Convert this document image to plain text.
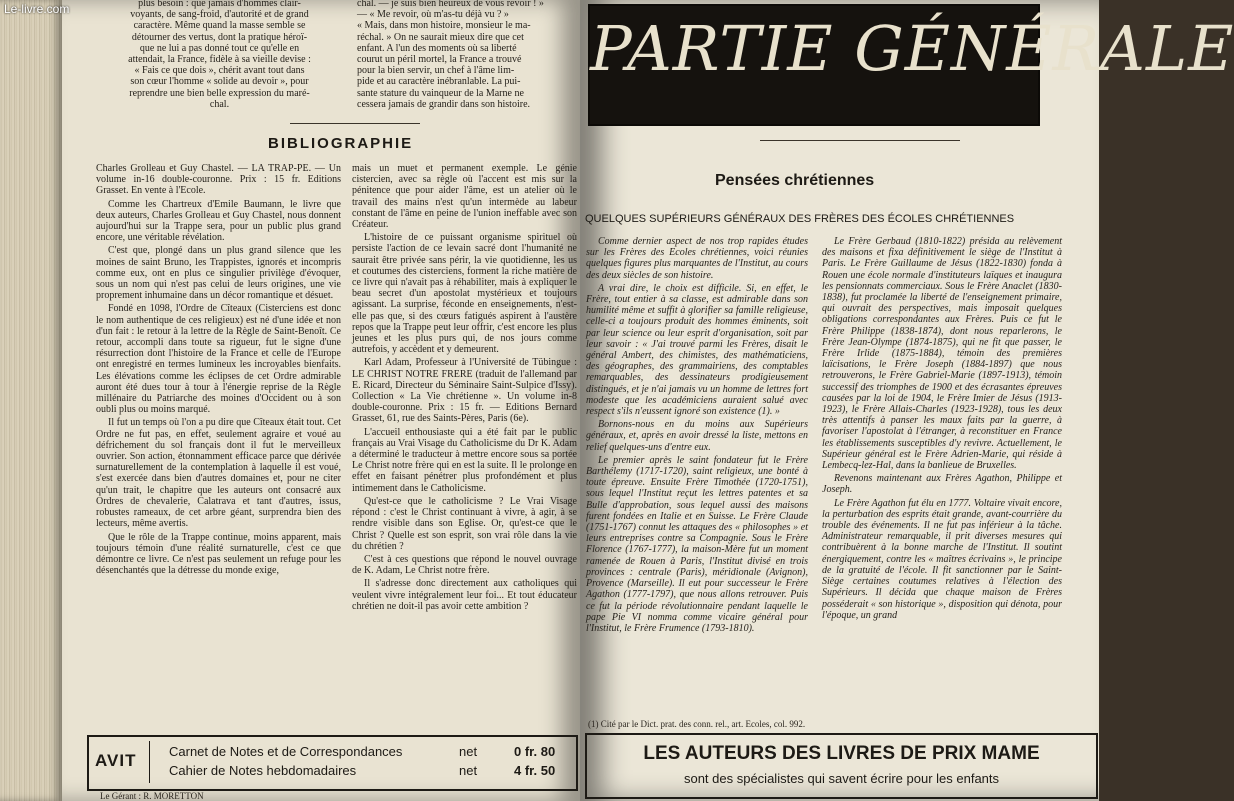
Le-livre.com	plus besoin : que jamais d'hommes clair-
voyants, de sang-froid, d'autorité et de grand
caractère. Même quand la masse semble se
détourner des vertus, dont la pratique héroï-
que ne lui a pas donné tout ce qu'elle en
attendait, la France, fidèle à sa vieille devise :
« Fais ce que dois », chérit avant tout dans
son cœur l'homme « solide au devoir », pour
reprendre une bien belle expression du maré-
chal.
chal. — je suis bien heureux de vous revoir ! »
— « Me revoir, où m'as-tu déjà vu ? »
« Mais, dans mon histoire, monsieur le ma-
réchal. » On ne saurait mieux dire que cet
enfant. A l'un des moments où sa liberté
courut un péril mortel, la France a trouvé
pour la bien servir, un chef à l'âme lim-
pide et au caractère inébranlable. La pui-
sante stature du vainqueur de la Marne ne
cessera jamais de grandir dans son histoire.
BIBLIOGRAPHIE

Charles Grolleau et Guy Chastel. — LA TRAP-PE. — Un volume in-16 double-couronne. Prix : 15 fr. Editions Grasset. En vente à l'Ecole.

Comme les Chartreux d'Emile Baumann, le livre que deux auteurs, Charles Grolleau et Guy Chastel, nous donnent aujourd'hui sur la Trappe sera, pour un public plus grand encore, une véritable révélation.

C'est que, plongé dans un plus grand silence que les moines de saint Bruno, les Trappistes, ignorés et incompris comme eux, ont en plus ce singulier privilège d'évoquer, sous un nom qui n'est pas celui de leurs origines, une vie proprement inhumaine dans un décor romantique et désuet.

Fondé en 1098, l'Ordre de Cîteaux (Cisterciens est donc le nom authentique de ces religieux) est né d'une idée et non d'un fait : le retour à la lettre de la Règle de Saint-Benoît. Ce retour, accompli dans toute sa rigueur, fut le signe d'une résurrection dont l'histoire de la France et celle de l'Europe ont enregistré en termes lumineux les incroyables bienfaits. Les élévations comme les éclipses de cet Ordre admirable auront été dues tour à tour à l'énergie reprise de la Règle millénaire du Patriarche des moines d'Occident ou à son oubli plus ou moins marqué.

Il fut un temps où l'on a pu dire que Cîteaux était tout. Cet Ordre ne fut pas, en effet, seulement agraire et voué au défrichement du sol français dont il fut le merveilleux ouvrier. Son action, étonnamment efficace parce que dérivée surnaturellement de la contemplation à laquelle il est voué, s'est exercée dans bien d'autres domaines et, pour ne citer qu'un trait, le chapitre que les auteurs ont consacré aux Ordres de chevalerie, Calatrava et tant d'autres, issus, robustes rameaux, de cet arbre géant, surprendra bien des lecteurs, même avertis.

Que le rôle de la Trappe continue, moins apparent, mais toujours témoin d'une réalité surnaturelle, c'est ce que démontre ce livre. Ce n'est pas seulement un refuge pour les désenchantés que la détresse du monde exige,

mais un muet et permanent exemple. Le génie cistercien, avec sa règle où l'accent est mis sur la pénitence que pour aider l'âme, est un atelier où le travail des mains n'est qu'un intermède au labeur constant de l'âme en peine de l'union ineffable avec son Créateur.

L'histoire de ce puissant organisme spirituel où persiste l'action de ce levain sacré dont l'humanité ne saurait être privée sans périr, la vie quotidienne, les us et coutumes des cisterciens, forment la riche matière de ce livre qui n'avait pas à réhabiliter, mais à expliquer le beau secret d'un apostolat mystérieux et toujours agissant. La surprise, féconde en enseignements, n'est-elle pas que, si des cœurs fatigués aspirent à l'austère repos que la Trappe peut leur offrir, c'est encore les plus jeunes et les plus purs qui, de nos jours comme autrefois, y accèdent et y demeurent.

Karl Adam, Professeur à l'Université de Tübingue : LE CHRIST NOTRE FRERE (traduit de l'allemand par E. Ricard, Directeur du Séminaire Saint-Sulpice d'Issy). Collection « La Vie chrétienne ». Un volume in-8 double-couronne. Prix : 15 fr. — Editions Bernard Grasset, 61, rue des Saints-Pères, Paris (6e).

L'accueil enthousiaste qui a été fait par le public français au Vrai Visage du Catholicisme du Dr K. Adam a déterminé le traducteur à mettre encore sous sa portée Le Christ notre frère qui en est la suite. Il le prolonge en effet en faisant pénétrer plus profondément et plus intimement dans le Catholicisme.

Qu'est-ce que le catholicisme ? Le Vrai Visage répond : c'est le Christ continuant à vivre, à agir, à se rendre visible dans son Eglise. Or, qu'est-ce que le Christ ? Quelle est son esprit, son vrai rôle dans la vie du chrétien ?

C'est à ces questions que répond le nouvel ouvrage de K. Adam, Le Christ notre frère.

Il s'adresse donc directement aux catholiques qui veulent vivre intégralement leur foi... Et tout éducateur chrétien ne doit-il pas avoir cette ambition ?

AVIT	Carnet de Notes et de Correspondances
Cahier de Notes hebdomadaires
net
net
0 fr. 80
4 fr. 50
Le Gérant : R. MORETTON
PARTIE GÉNÉRALE
Pensées chrétiennes
QUELQUES SUPÉRIEURS GÉNÉRAUX DES FRÈRES DES ÉCOLES CHRÉTIENNES

Comme dernier aspect de nos trop rapides études sur les Frères des Ecoles chrétiennes, voici réunies quelques figures plus marquantes de l'Institut, au cours des deux siècles de son histoire.

A vrai dire, le choix est difficile. Si, en effet, le Frère, tout entier à sa classe, est admirable dans son humilité même et suffit à glorifier sa famille religieuse, celle-ci a toujours produit des hommes éminents, soit par leur science ou leur esprit d'organisation, soit par leur savoir : « J'ai trouvé parmi les Frères, disait le général Ambert, des chimistes, des mathématiciens, des géographes, des grammairiens, des comptables remarquables, des dessinateurs prodigieusement distingués, et je n'ai jamais vu un homme de lettres fort modeste que les académiciens auraient salué avec respect s'ils n'eussent ignoré son existence (1). »

Bornons-nous en du moins aux Supérieurs généraux, et, après en avoir dressé la liste, mettons en relief quelques-uns d'entre eux.

Le premier après le saint fondateur fut le Frère Barthélemy (1717-1720), saint religieux, une bonté à toute épreuve. Ensuite Frère Timothée (1720-1751), sous lequel l'Institut reçut les lettres patentes et sa Bulle d'approbation, sous lequel aussi des maisons furent fondées en Italie et en Suisse. Le Frère Claude (1751-1767) connut les attaques des « philosophes » et leurs entreprises contre sa Compagnie. Sous le Frère Florence (1767-1777), la maison-Mère fut un moment ramenée de Rouen à Paris, l'Institut divisé en trois provinces : centrale (Paris), méridionale (Avignon), Provence (Marseille). Il eut pour successeur le Frère Agathon (1777-1797), que nous allons retrouver. Puis ce fut la période révolutionnaire pendant laquelle le pape Pie VI nomma comme vicaire général pour l'Institut, le Frère Frumence (1793-1810).

Le Frère Gerbaud (1810-1822) présida au relèvement des maisons et fixa définitivement le siège de l'Institut à Paris. Le Frère Guillaume de Jésus (1822-1830) fonda à Rouen une école normale d'instituteurs laïques et inaugura les pensionnats commerciaux. Sous le Frère Anaclet (1830-1838), fut proclamée la liberté de l'enseignement primaire, qui ouvrait des perspectives, mais imposait quelques obligations correspondantes aux Frères. Puis ce fut le Frère Philippe (1838-1874), dont nous reparlerons, le Frère Jean-Olympe (1874-1875), qui ne fit que passer, le Frère Irlide (1875-1884), témoin des premières laïcisations, le Frère Joseph (1884-1897) que nous retrouverons, le Frère Gabriel-Marie (1897-1913), témoin successif des triomphes de 1900 et des écrasantes épreuves causées par la loi de 1904, le Frère Imier de Jésus (1913-1923), le Frère Allais-Charles (1923-1928), tous les deux très attentifs à panser les maux faits par la guerre, à favoriser l'apostolat à l'étranger, à reconstituer en France les établissements susceptibles d'y revivre. Actuellement, le Supérieur général est le Frère Adrien-Marie, qui réside à Lembecq-lez-Hal, dans la banlieue de Bruxelles.

Revenons maintenant aux Frères Agathon, Philippe et Joseph.

Le Frère Agathon fut élu en 1777. Voltaire vivait encore, la perturbation des esprits était grande, avant-courrière du trouble des événements. Il ne fut pas inférieur à la tâche. Administrateur remarquable, il prit diverses mesures qui contribuèrent à la bonne marche de l'Institut. Il soutint énergiquement, contre les « maîtres écrivains », le principe de la gratuité de l'école. Il fit sanctionner par le Saint-Siège certaines coutumes relatives à l'élection des Supérieurs. Il décida que chaque maison de Frères posséderait « son historique », disposition qui dénota, pour l'époque, un grand

(1) Cité par le Dict. prat. des conn. rel., art. Ecoles, col. 992.
LES AUTEURS DES LIVRES DE PRIX MAME
sont des spécialistes qui savent écrire pour les enfants
